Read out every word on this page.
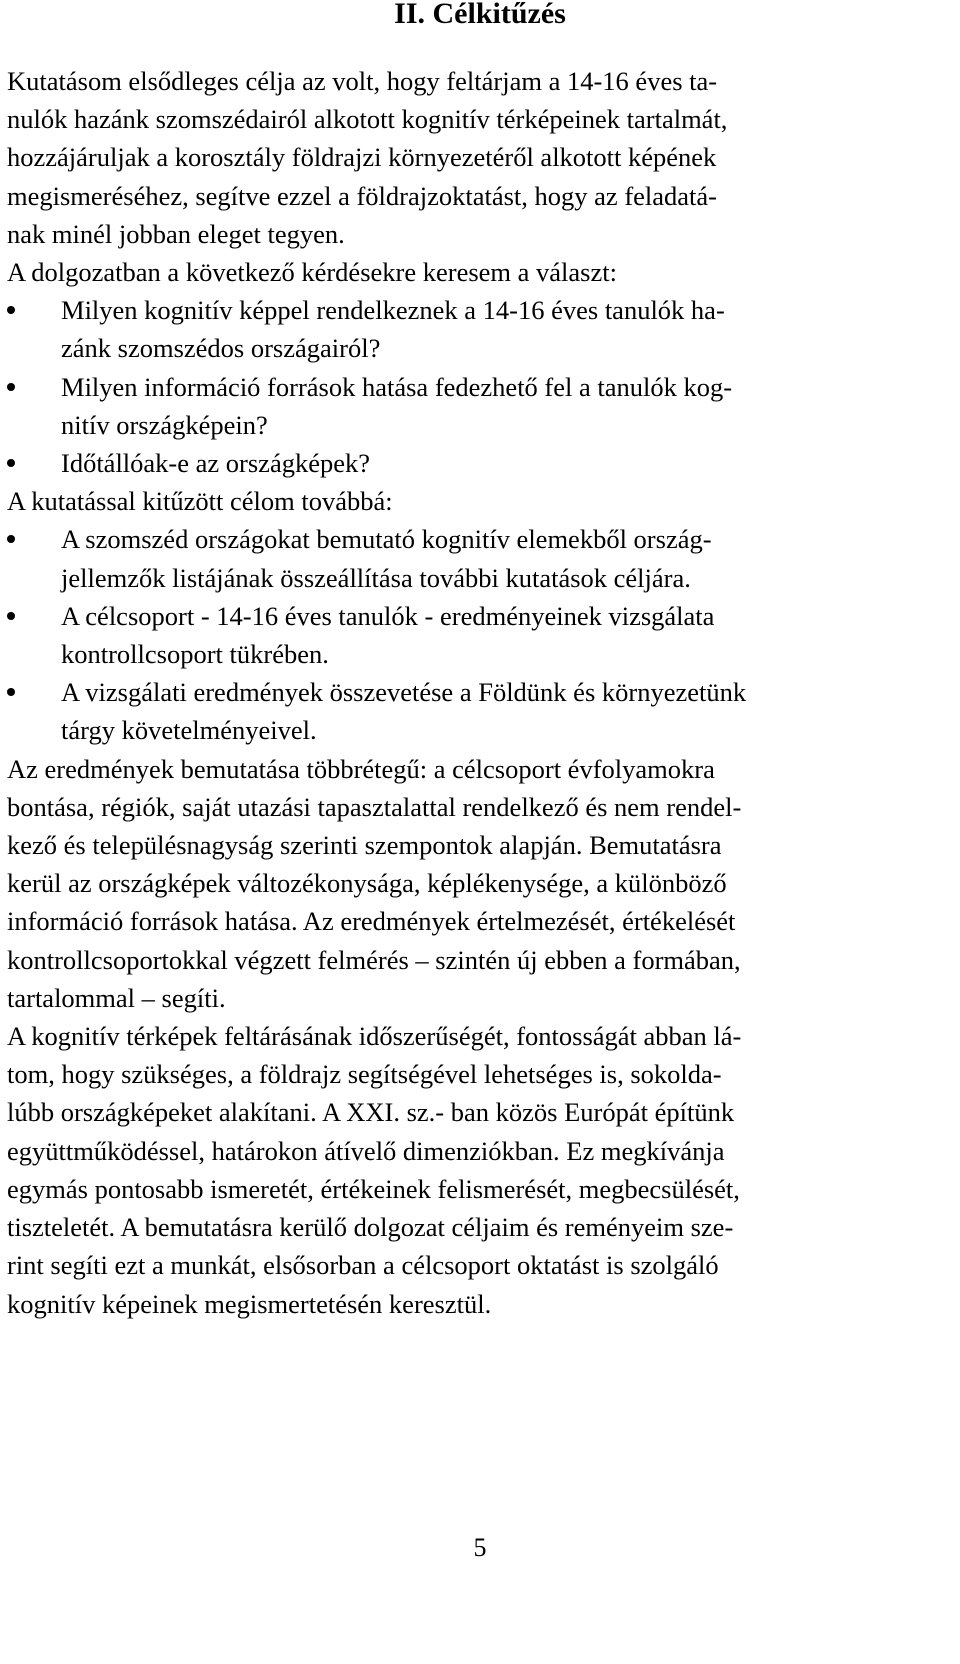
II. Célkitűzés

Kutatásom elsődleges célja az volt, hogy feltárjam a 14-16 éves ta-
nulók hazánk szomszédairól alkotott kognitív térképeinek tartalmát,
hozzájáruljak a korosztály földrajzi környezetéről alkotott képének
megismeréséhez, segítve ezzel a földrajzoktatást, hogy az feladatá-
nak minél jobban eleget tegyen.

A dolgozatban a következő kérdésekre keresem a választ:

Milyen kognitív képpel rendelkeznek a 14-16 éves tanulók ha-
zánk szomszédos országairól?
Milyen információ források hatása fedezhető fel a tanulók kog-
nitív országképein?
Időtállóak-e az országképek?

A kutatással kitűzött célom továbbá:

A szomszéd országokat bemutató kognitív elemekből ország-
jellemzők listájának összeállítása további kutatások céljára.
A célcsoport - 14-16 éves tanulók - eredményeinek vizsgálata
kontrollcsoport tükrében.
A vizsgálati eredmények összevetése a Földünk és környezetünk
tárgy követelményeivel.

Az eredmények bemutatása többrétegű: a célcsoport évfolyamokra
bontása, régiók, saját utazási tapasztalattal rendelkező és nem rendel-
kező és településnagyság szerinti szempontok alapján. Bemutatásra
kerül az országképek változékonysága, képlékenysége, a különböző
információ források hatása. Az eredmények értelmezését, értékelését
kontrollcsoportokkal végzett felmérés – szintén új ebben a formában,
tartalommal – segíti.

A kognitív térképek feltárásának időszerűségét, fontosságát abban lá-
tom, hogy szükséges, a földrajz segítségével lehetséges is, sokolda-
lúbb országképeket alakítani. A XXI. sz.- ban közös Európát építünk
együttműködéssel, határokon átívelő dimenziókban. Ez megkívánja
egymás pontosabb ismeretét, értékeinek felismerését, megbecsülését,
tiszteletét. A bemutatásra kerülő dolgozat céljaim és reményeim sze-
rint segíti ezt a munkát, elsősorban a célcsoport oktatást is szolgáló
kognitív képeinek megismertetésén keresztül.

5
